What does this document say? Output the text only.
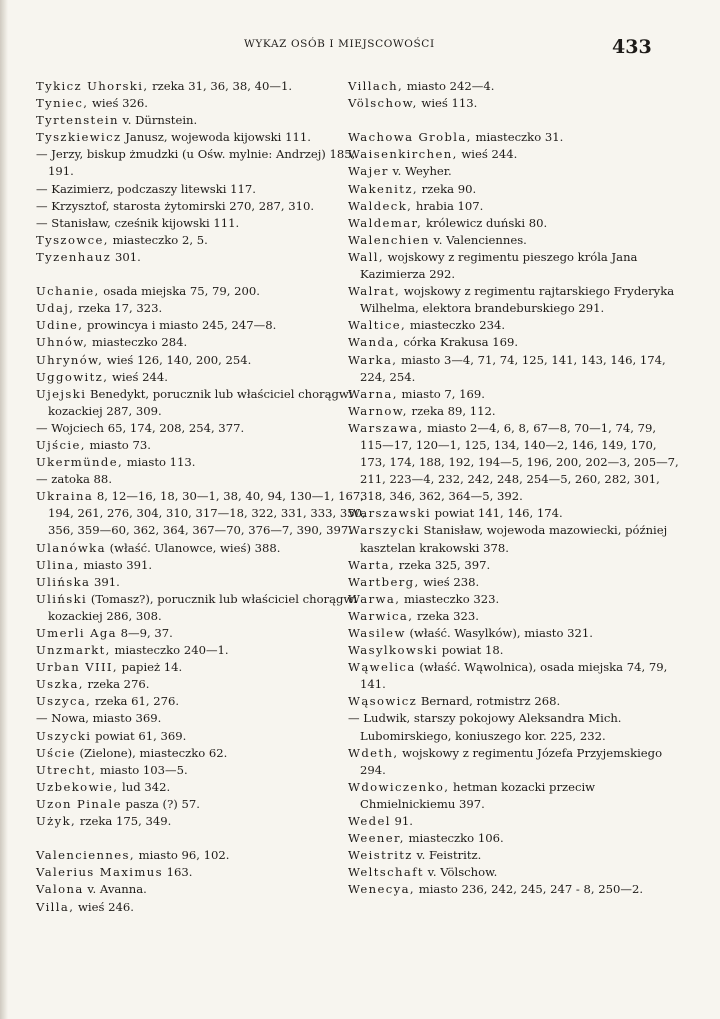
WYKAZ OSÓB I MIEJSCOWOŚCI	433
Tykicz Uhorski, rzeka 31, 36, 38, 40—1.
Tyniec, wieś 326.
Tyrtenstein v. Dürnstein.
Tyszkiewicz Janusz, wojewoda kijowski 111.
— Jerzy, biskup żmudzki (u Ośw. mylnie: Andrzej) 185, 191.
— Kazimierz, podczaszy litewski 117.
— Krzysztof, starosta żytomirski 270, 287, 310.
— Stanisław, cześnik kijowski 111.
Tyszowce, miasteczko 2, 5.
Tyzenhauz 301.
Uchanie, osada miejska 75, 79, 200.
Udaj, rzeka 17, 323.
Udine, prowincya i miasto 245, 247—8.
Uhnów, miasteczko 284.
Uhrynów, wieś 126, 140, 200, 254.
Uggowitz, wieś 244.
Ujejski Benedykt, porucznik lub właściciel chorągwi kozackiej 287, 309.
— Wojciech 65, 174, 208, 254, 377.
Ujście, miasto 73.
Ukermünde, miasto 113.
— zatoka 88.
Ukraina 8, 12—16, 18, 30—1, 38, 40, 94, 130—1, 167, 194, 261, 276, 304, 310, 317—18, 322, 331, 333, 350, 356, 359—60, 362, 364, 367—70, 376—7, 390, 397.
Ulanówka (właść. Ulanowce, wieś) 388.
Ulina, miasto 391.
Ulińska 391.
Uliński (Tomasz?), porucznik lub właściciel chorągwi kozackiej 286, 308.
Umerli Aga 8—9, 37.
Unzmarkt, miasteczko 240—1.
Urban VIII, papież 14.
Uszka, rzeka 276.
Uszyca, rzeka 61, 276.
— Nowa, miasto 369.
Uszycki powiat 61, 369.
Uście (Zielone), miasteczko 62.
Utrecht, miasto 103—5.
Uzbekowie, lud 342.
Uzon Pinale pasza (?) 57.
Użyk, rzeka 175, 349.
Valenciennes, miasto 96, 102.
Valerius Maximus 163.
Valona v. Avanna.
Villa, wieś 246.
Villach, miasto 242—4.
Völschow, wieś 113.
Wachowa Grobla, miasteczko 31.
Waisenkirchen, wieś 244.
Wajer v. Weyher.
Wakenitz, rzeka 90.
Waldeck, hrabia 107.
Waldemar, królewicz duński 80.
Walenchien v. Valenciennes.
Wall, wojskowy z regimentu pieszego króla Jana Kazimierza 292.
Walrat, wojskowy z regimentu rajtarskiego Fryderyka Wilhelma, elektora brandeburskiego 291.
Waltice, miasteczko 234.
Wanda, córka Krakusa 169.
Warka, miasto 3—4, 71, 74, 125, 141, 143, 146, 174, 224, 254.
Warna, miasto 7, 169.
Warnow, rzeka 89, 112.
Warszawa, miasto 2—4, 6, 8, 67—8, 70—1, 74, 79, 115—17, 120—1, 125, 134, 140—2, 146, 149, 170, 173, 174, 188, 192, 194—5, 196, 200, 202—3, 205—7, 211, 223—4, 232, 242, 248, 254—5, 260, 282, 301, 318, 346, 362, 364—5, 392.
Warszawski powiat 141, 146, 174.
Warszycki Stanisław, wojewoda mazowiecki, później kasztelan krakowski 378.
Warta, rzeka 325, 397.
Wartberg, wieś 238.
Warwa, miasteczko 323.
Warwica, rzeka 323.
Wasilew (właść. Wasylków), miasto 321.
Wasylkowski powiat 18.
Wąwelica (właść. Wąwolnica), osada miejska 74, 79, 141.
Wąsowicz Bernard, rotmistrz 268.
— Ludwik, starszy pokojowy Aleksandra Mich. Lubomirskiego, koniuszego kor. 225, 232.
Wdeth, wojskowy z regimentu Józefa Przyjemskiego 294.
Wdowiczenko, hetman kozacki przeciw Chmielnickiemu 397.
Wedel 91.
Weener, miasteczko 106.
Weistritz v. Feistritz.
Weltschaft v. Völschow.
Wenecya, miasto 236, 242, 245, 247 - 8, 250—2.
